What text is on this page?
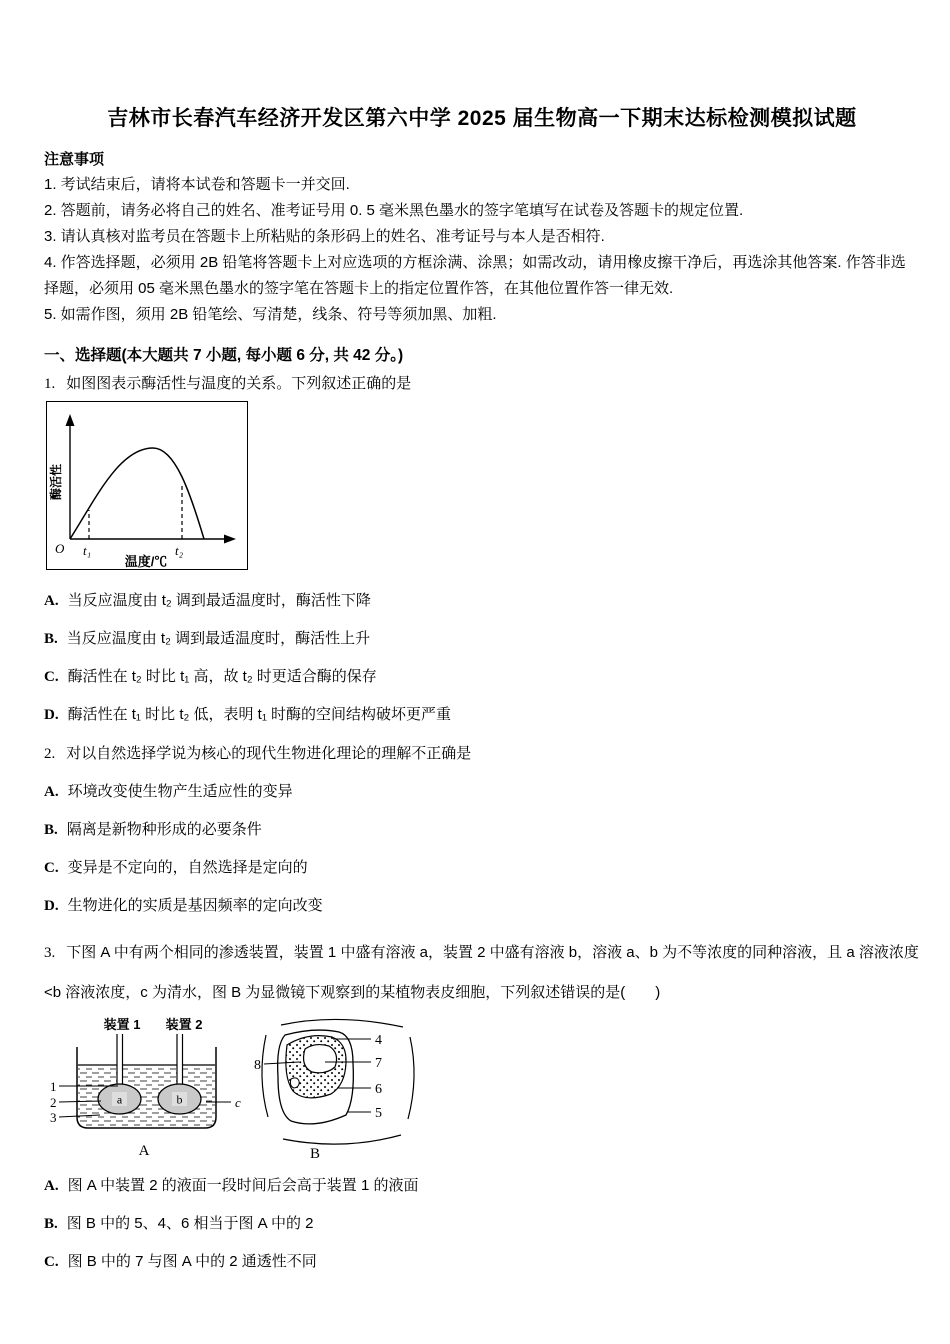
吉林市长春汽车经济开发区第六中学 2025 届生物高一下期末达标检测模拟试题
注意事项

1. 考试结束后，请将本试卷和答题卡一并交回.

2. 答题前，请务必将自己的姓名、准考证号用 0. 5 毫米黑色墨水的签字笔填写在试卷及答题卡的规定位置.

3. 请认真核对监考员在答题卡上所粘贴的条形码上的姓名、准考证号与本人是否相符.

4. 作答选择题，必须用 2B 铅笔将答题卡上对应选项的方框涂满、涂黑；如需改动，请用橡皮擦干净后，再选涂其他答案. 作答非选择题，必须用 05 毫米黑色墨水的签字笔在答题卡上的指定位置作答，在其他位置作答一律无效.

5. 如需作图，须用 2B 铅笔绘、写清楚，线条、符号等须加黑、加粗.

一、选择题(本大题共 7 小题, 每小题 6 分, 共 42 分。)

1. 如图图表示酶活性与温度的关系。下列叙述正确的是

O t₁	t₂
温度/℃
酶活性

A. 当反应温度由 t₂ 调到最适温度时，酶活性下降

B. 当反应温度由 t₂ 调到最适温度时，酶活性上升

C. 酶活性在 t₂ 时比 t₁ 高，故 t₂ 时更适合酶的保存

D. 酶活性在 t₁ 时比 t₂ 低，表明 t₁ 时酶的空间结构破坏更严重

2. 对以自然选择学说为核心的现代生物进化理论的理解不正确是

A. 环境改变使生物产生适应性的变异

B. 隔离是新物种形成的必要条件

C. 变异是不定向的，自然选择是定向的

D. 生物进化的实质是基因频率的定向改变

3. 下图 A 中有两个相同的渗透装置，装置 1 中盛有溶液 a，装置 2 中盛有溶液 b，溶液 a、b 为不等浓度的同种溶液，且 a 溶液浓度<b 溶液浓度，c 为清水，图 B 为显微镜下观察到的某植物表皮细胞，下列叙述错误的是(　　)

a	b
装置 1 装置 2
1
2
3
c
A
4
7
6
5
8
B

A. 图 A 中装置 2 的液面一段时间后会高于装置 1 的液面

B. 图 B 中的 5、4、6 相当于图 A 中的 2

C. 图 B 中的 7 与图 A 中的 2 通透性不同
